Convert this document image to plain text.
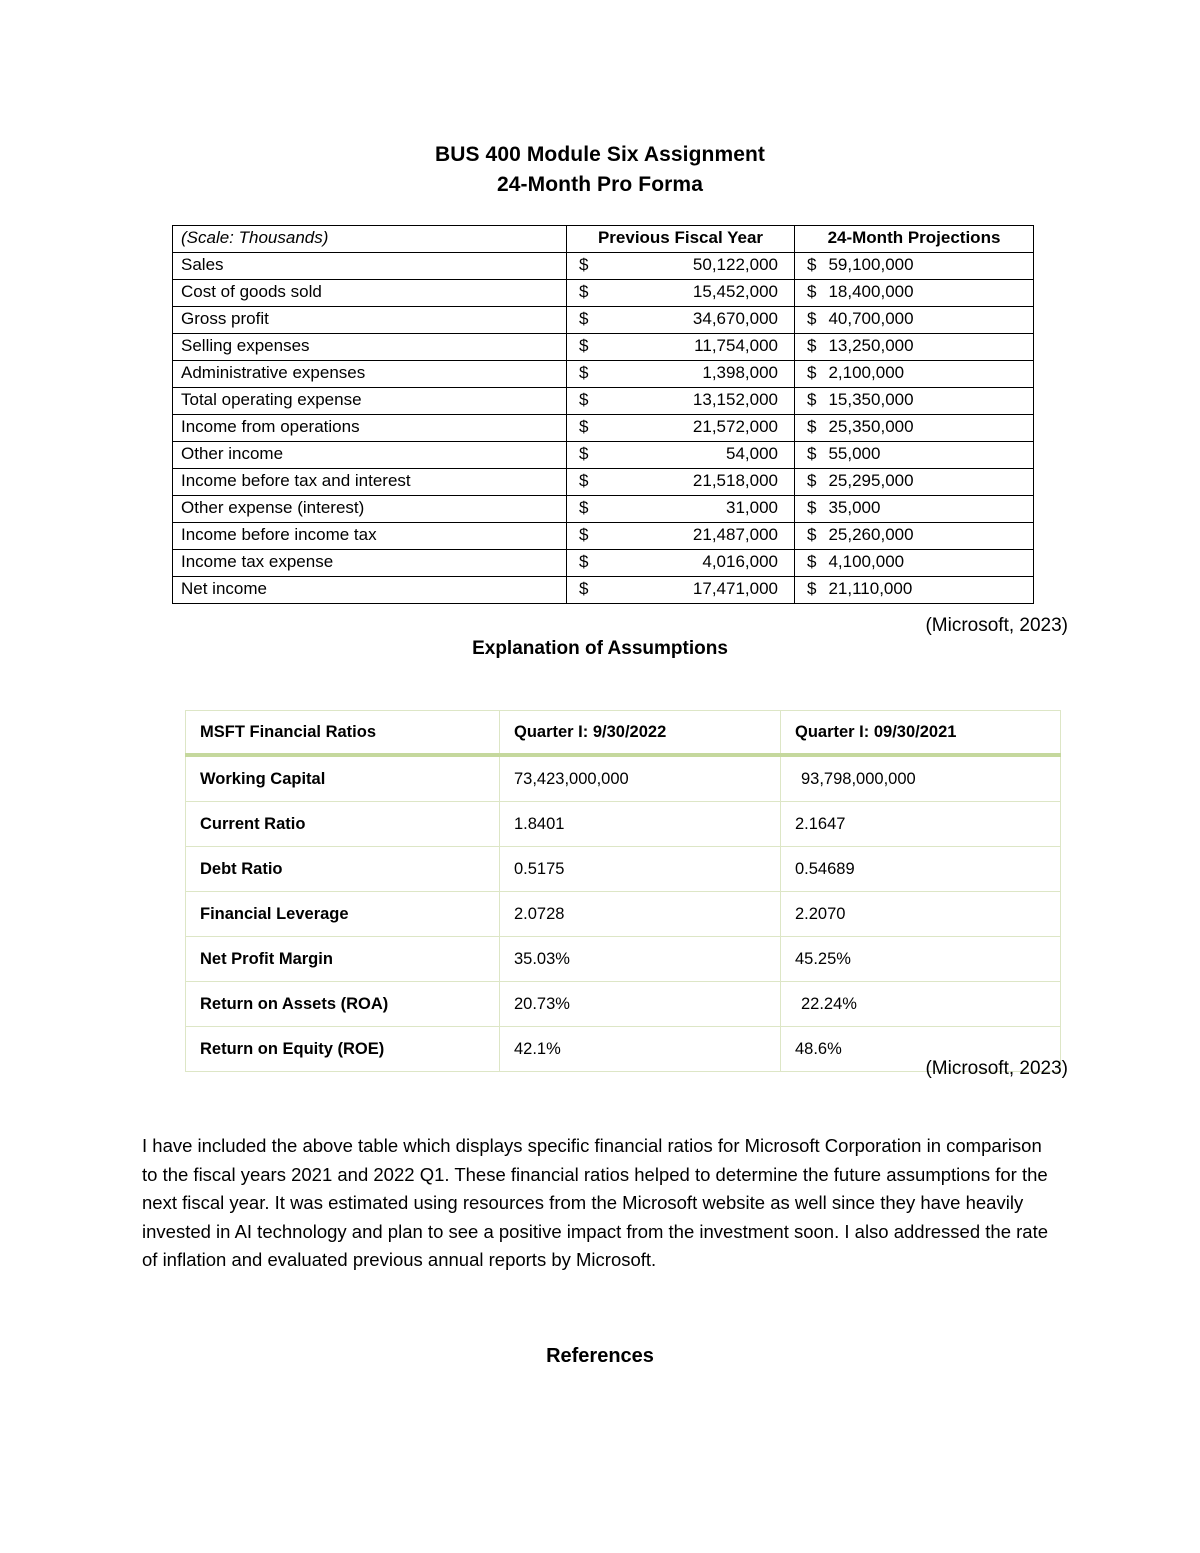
BUS 400 Module Six Assignment
24-Month Pro Forma
(Scale: Thousands)	Previous Fiscal Year	24-Month Projections
Sales	$ 50,122,000	$ 59,100,000

Cost of goods sold	$ 15,452,000	$ 18,400,000

Gross profit	$ 34,670,000	$ 40,700,000

Selling expenses	$ 11,754,000	$ 13,250,000

Administrative expenses	$ 1,398,000	$ 2,100,000

Total operating expense	$ 13,152,000	$ 15,350,000

Income from operations	$ 21,572,000	$ 25,350,000

Other income	$ 54,000	$ 55,000

Income before tax and interest	$ 21,518,000	$ 25,295,000

Other expense (interest)	$ 31,000	$ 35,000

Income before income tax	$ 21,487,000	$ 25,260,000

Income tax expense	$ 4,016,000	$ 4,100,000

Net income	$ 17,471,000	$ 21,110,000
(Microsoft, 2023)
Explanation of Assumptions
MSFT Financial Ratios	Quarter I: 9/30/2022	Quarter I: 09/30/2021
Working Capital	73,423,000,000	93,798,000,000
Current Ratio	1.8401	2.1647
Debt Ratio	0.5175	0.54689
Financial Leverage	2.0728	2.2070
Net Profit Margin	35.03%	45.25%
Return on Assets (ROA)	20.73%	22.24%
Return on Equity (ROE)	42.1%	48.6%
(Microsoft, 2023)
I have included the above table which displays specific financial ratios for Microsoft Corporation in comparison to the fiscal years 2021 and 2022 Q1. These financial ratios helped to determine the future assumptions for the next fiscal year. It was estimated using resources from the Microsoft website as well since they have heavily invested in AI technology and plan to see a positive impact from the investment soon. I also addressed the rate of inflation and evaluated previous annual reports by Microsoft.
References
